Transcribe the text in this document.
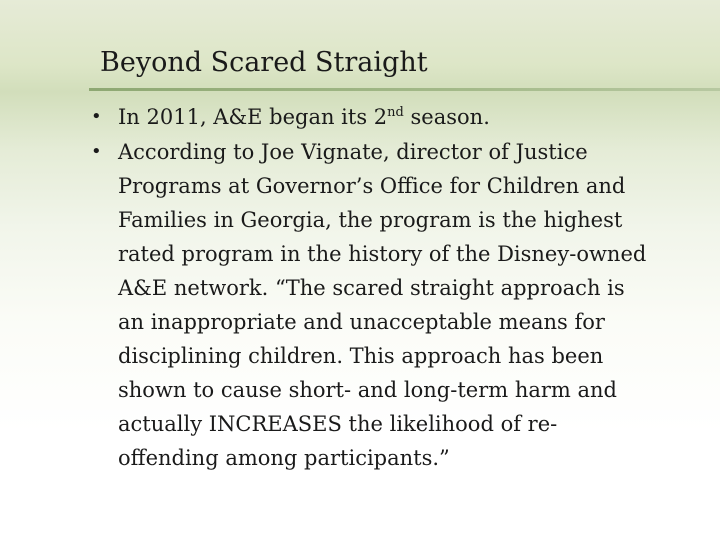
Beyond Scared Straight
• In 2011, A&E began its 2nd season.
• According to Joe Vignate, director of Justice Programs at Governor’s Office for Children and Families in Georgia, the program is the highest rated program in the history of the Disney-owned A&E network. “The scared straight approach is an inappropriate and unacceptable means for disciplining children. This approach has been shown to cause short- and long-term harm and actually INCREASES the likelihood of re-offending among participants.”
